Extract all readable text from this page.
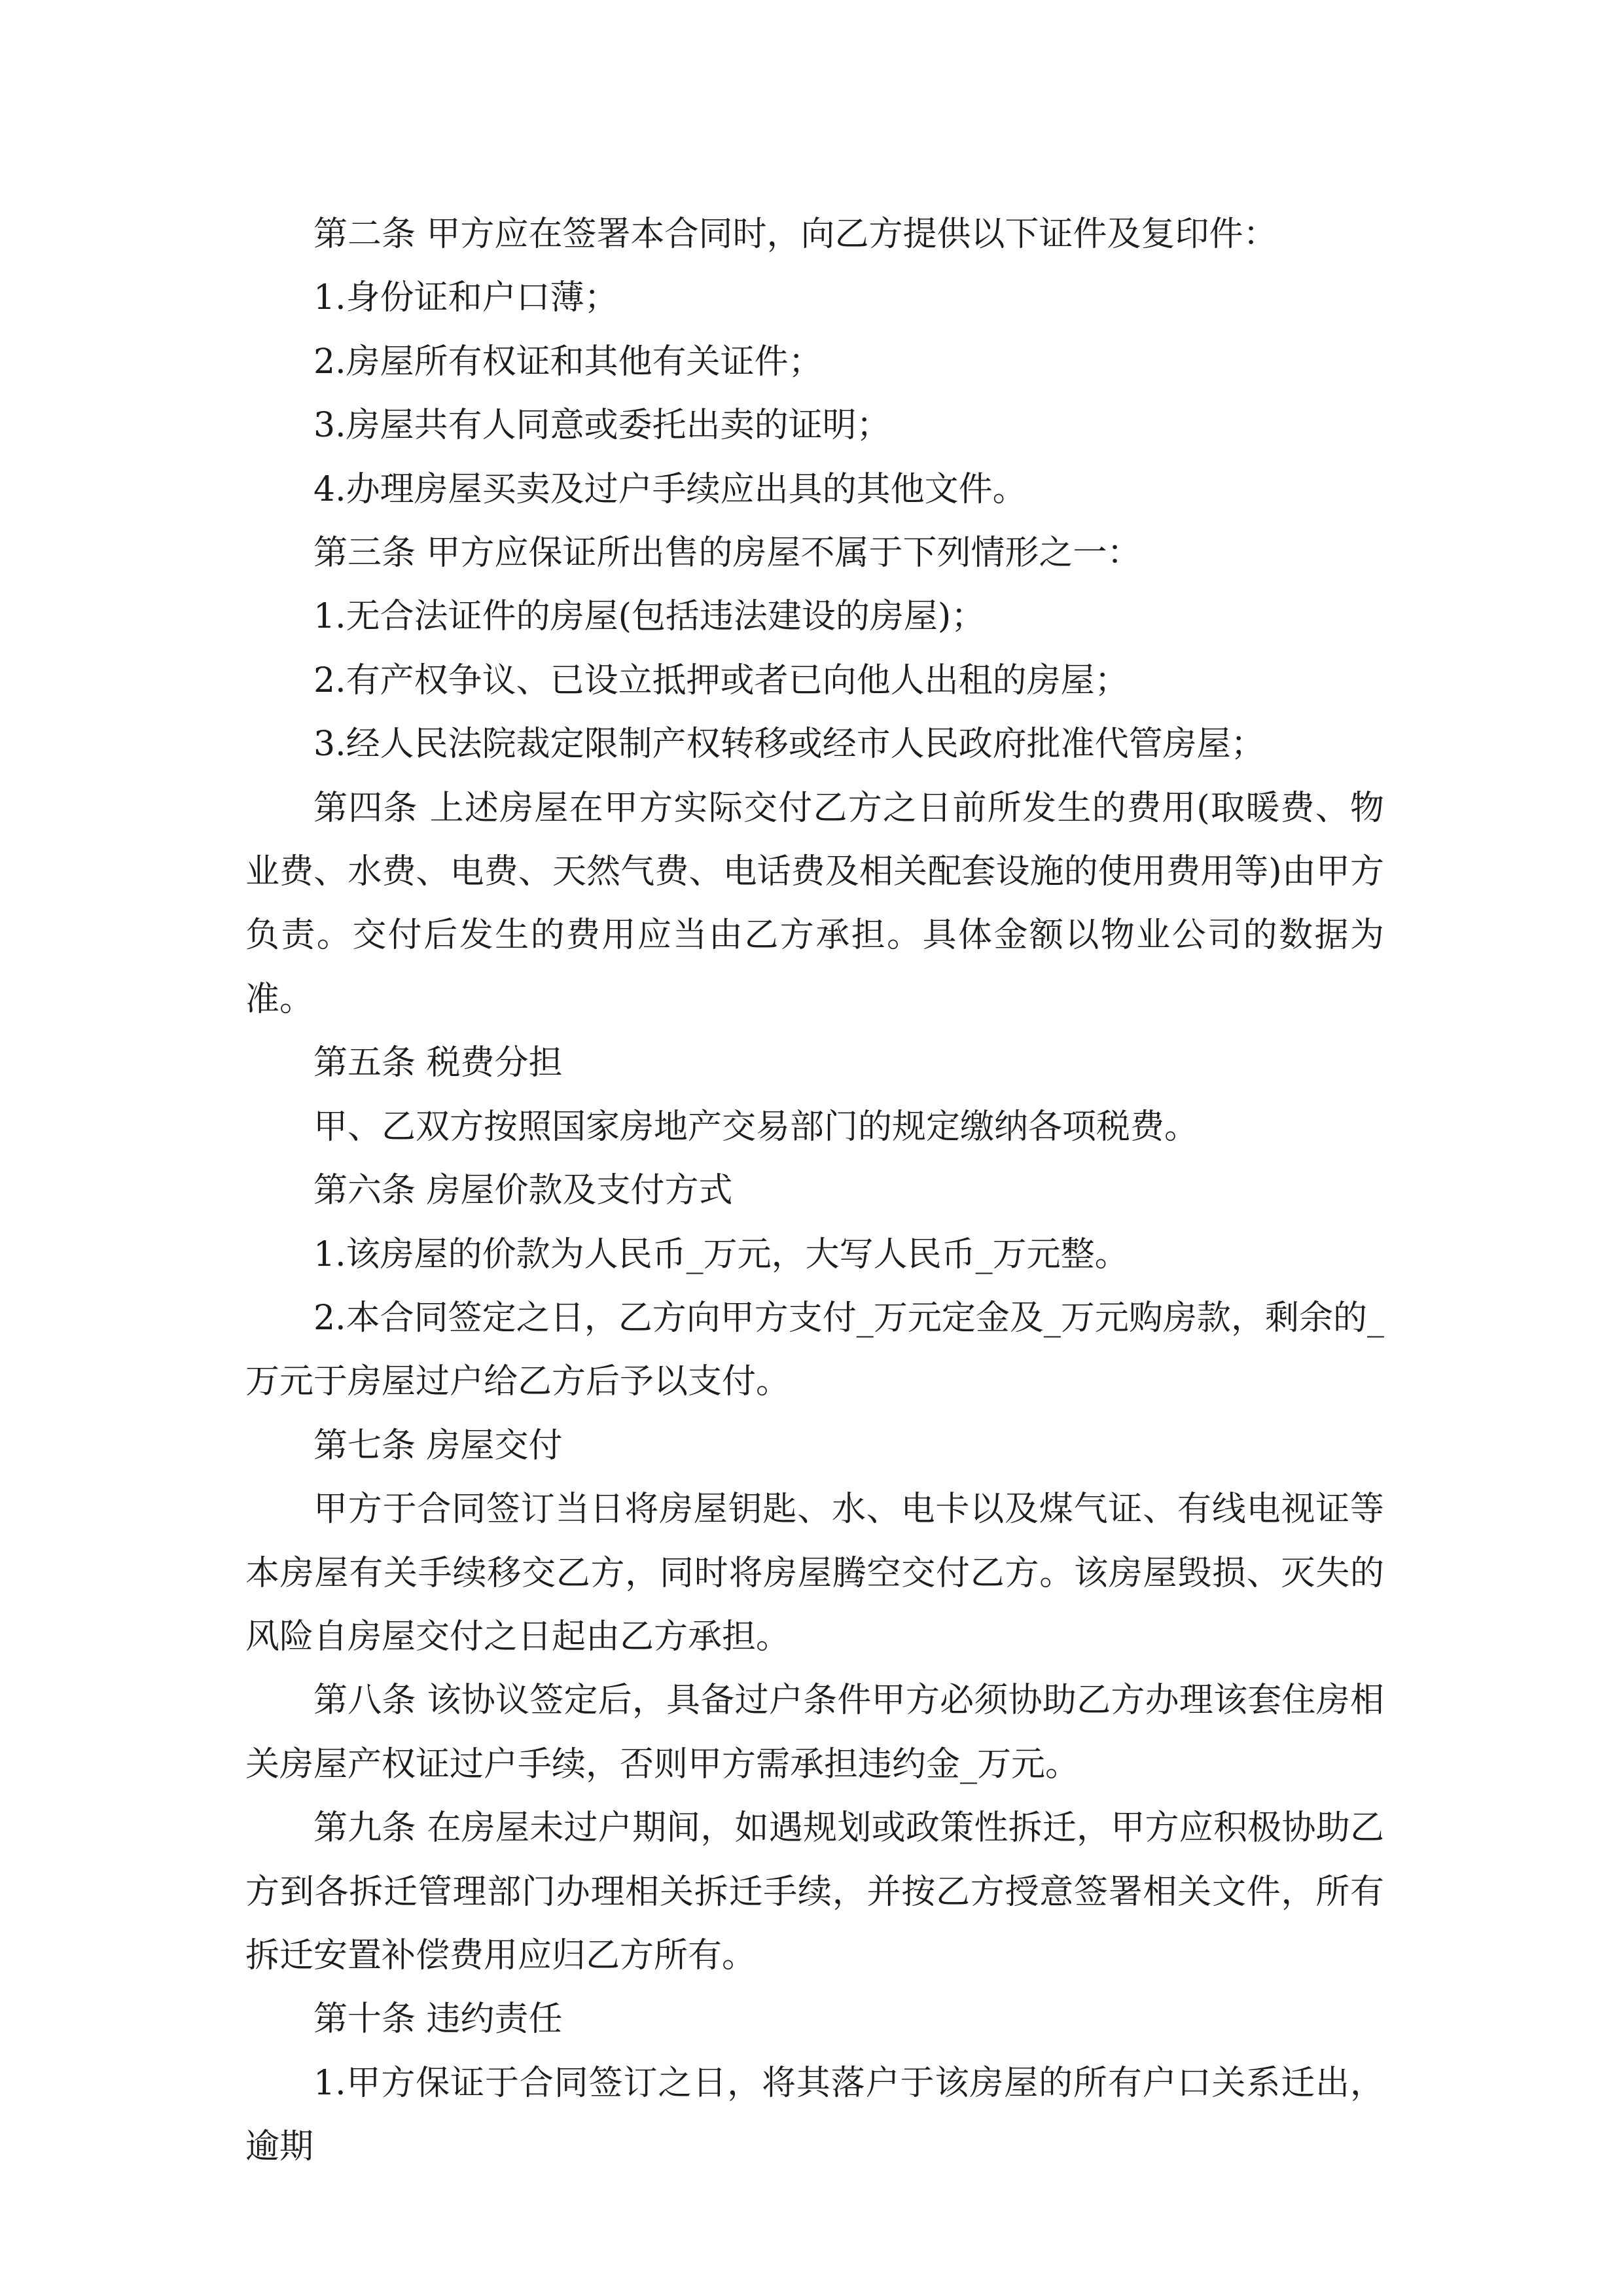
第二条 甲方应在签署本合同时，向乙方提供以下证件及复印件：

1.身份证和户口薄；

2.房屋所有权证和其他有关证件；

3.房屋共有人同意或委托出卖的证明；

4.办理房屋买卖及过户手续应出具的其他文件。

第三条 甲方应保证所出售的房屋不属于下列情形之一：

1.无合法证件的房屋(包括违法建设的房屋)；

2.有产权争议、已设立抵押或者已向他人出租的房屋；

3.经人民法院裁定限制产权转移或经市人民政府批准代管房屋；

第四条 上述房屋在甲方实际交付乙方之日前所发生的费用(取暖费、物业费、水费、电费、天然气费、电话费及相关配套设施的使用费用等)由甲方负责。交付后发生的费用应当由乙方承担。具体金额以物业公司的数据为准。

第五条 税费分担

甲、乙双方按照国家房地产交易部门的规定缴纳各项税费。

第六条 房屋价款及支付方式

1.该房屋的价款为人民币_万元，大写人民币_万元整。

2.本合同签定之日，乙方向甲方支付_万元定金及_万元购房款，剩余的_万元于房屋过户给乙方后予以支付。

第七条 房屋交付

甲方于合同签订当日将房屋钥匙、水、电卡以及煤气证、有线电视证等本房屋有关手续移交乙方，同时将房屋腾空交付乙方。该房屋毁损、灭失的风险自房屋交付之日起由乙方承担。

第八条 该协议签定后，具备过户条件甲方必须协助乙方办理该套住房相关房屋产权证过户手续，否则甲方需承担违约金_万元。

第九条 在房屋未过户期间，如遇规划或政策性拆迁，甲方应积极协助乙方到各拆迁管理部门办理相关拆迁手续，并按乙方授意签署相关文件，所有拆迁安置补偿费用应归乙方所有。

第十条 违约责任

1.甲方保证于合同签订之日，将其落户于该房屋的所有户口关系迁出，逾期
